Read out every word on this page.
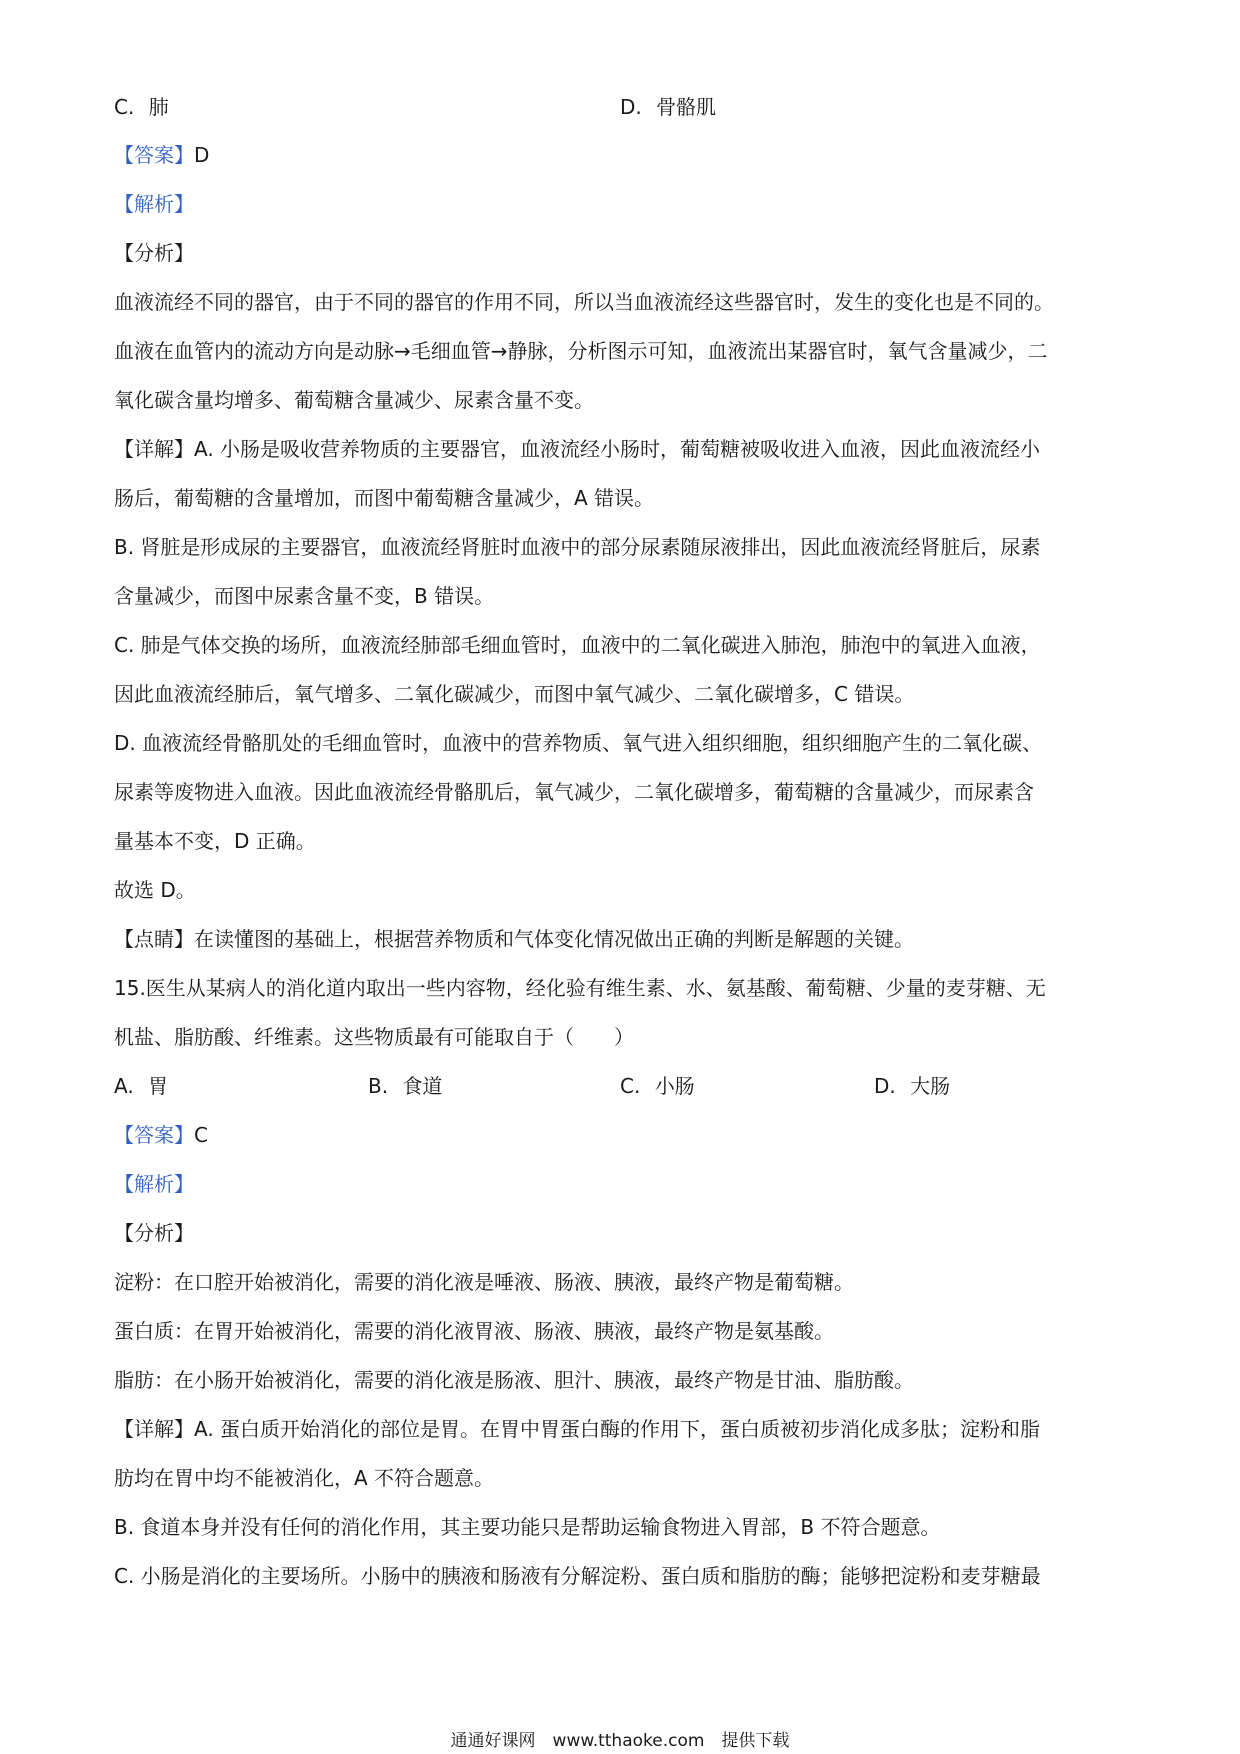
C. 肺	D. 骨骼肌
【答案】D
【解析】
【分析】
血液流经不同的器官，由于不同的器官的作用不同，所以当血液流经这些器官时，发生的变化也是不同的。
血液在血管内的流动方向是动脉→毛细血管→静脉，分析图示可知，血液流出某器官时，氧气含量减少，二
氧化碳含量均增多、葡萄糖含量减少、尿素含量不变。
【详解】A. 小肠是吸收营养物质的主要器官，血液流经小肠时，葡萄糖被吸收进入血液，因此血液流经小
肠后，葡萄糖的含量增加，而图中葡萄糖含量减少，A 错误。
B. 肾脏是形成尿的主要器官，血液流经肾脏时血液中的部分尿素随尿液排出，因此血液流经肾脏后，尿素
含量减少，而图中尿素含量不变，B 错误。
C. 肺是气体交换的场所，血液流经肺部毛细血管时，血液中的二氧化碳进入肺泡，肺泡中的氧进入血液，
因此血液流经肺后，氧气增多、二氧化碳减少，而图中氧气减少、二氧化碳增多，C 错误。
D. 血液流经骨骼肌处的毛细血管时，血液中的营养物质、氧气进入组织细胞，组织细胞产生的二氧化碳、
尿素等废物进入血液。因此血液流经骨骼肌后，氧气减少，二氧化碳增多，葡萄糖的含量减少，而尿素含
量基本不变，D 正确。
故选 D。
【点睛】在读懂图的基础上，根据营养物质和气体变化情况做出正确的判断是解题的关键。
15.医生从某病人的消化道内取出一些内容物，经化验有维生素、水、氨基酸、葡萄糖、少量的麦芽糖、无
机盐、脂肪酸、纤维素。这些物质最有可能取自于（　　）
A. 胃	B. 食道	C. 小肠	D. 大肠
【答案】C
【解析】
【分析】
淀粉：在口腔开始被消化，需要的消化液是唾液、肠液、胰液，最终产物是葡萄糖。
蛋白质：在胃开始被消化，需要的消化液胃液、肠液、胰液，最终产物是氨基酸。
脂肪：在小肠开始被消化，需要的消化液是肠液、胆汁、胰液，最终产物是甘油、脂肪酸。
【详解】A. 蛋白质开始消化的部位是胃。在胃中胃蛋白酶的作用下，蛋白质被初步消化成多肽；淀粉和脂
肪均在胃中均不能被消化，A 不符合题意。
B. 食道本身并没有任何的消化作用，其主要功能只是帮助运输食物进入胃部，B 不符合题意。
C. 小肠是消化的主要场所。小肠中的胰液和肠液有分解淀粉、蛋白质和脂肪的酶；能够把淀粉和麦芽糖最
通通好课网　www.tthaoke.com　提供下载
